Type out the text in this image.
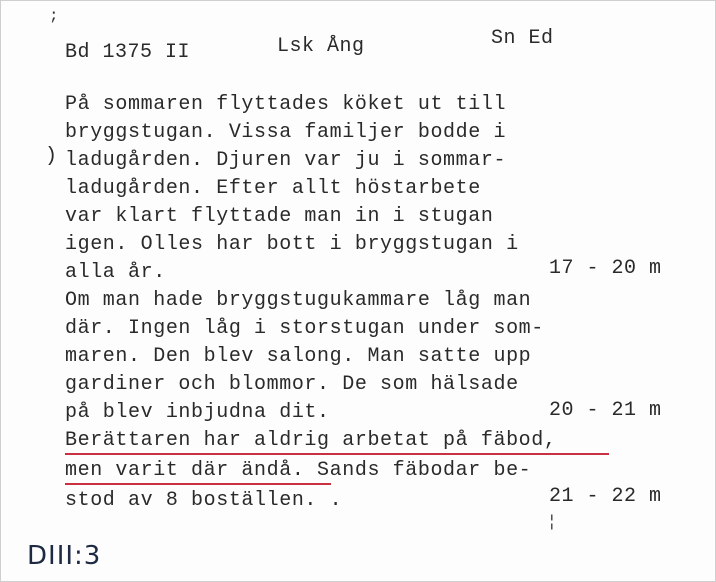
;
Bd 1375 II	Lsk Ång	Sn Ed
)
På sommaren flyttades köket ut till
bryggstugan. Vissa familjer bodde i
ladugården. Djuren var ju i sommar-
ladugården. Efter allt höstarbete
var klart flyttade man in i stugan
igen. Olles har bott i bryggstugan i
alla år.	17 - 20 m
Om man hade bryggstugukammare låg man
där. Ingen låg i storstugan under som-
maren. Den blev salong. Man satte upp
gardiner och blommor. De som hälsade
på blev inbjudna dit.	20 - 21 m
Berättaren har aldrig arbetat på fäbod,
men varit där ändå. Sands fäbodar be-
stod av 8 boställen. .	21 - 22 m
¦
DIII:3
